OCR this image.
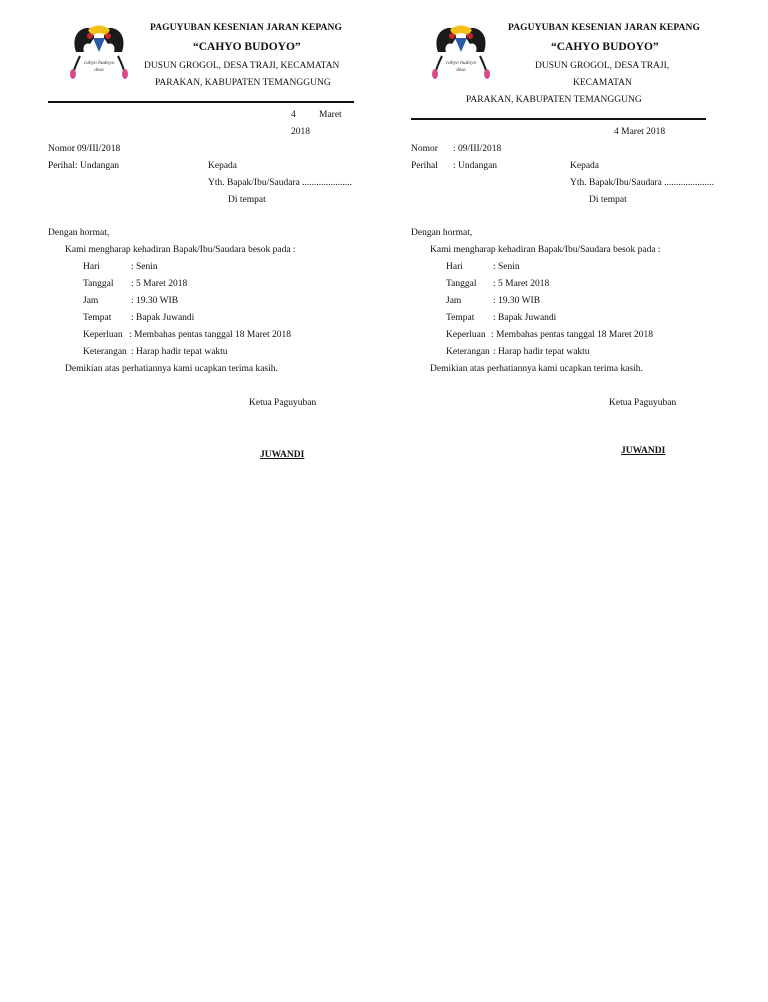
cahyo budoyo
desa
PAGUYUBAN KESENIAN JARAN KEPANG
“CAHYO BUDOYO”
DUSUN GROGOL, DESA TRAJI, KECAMATAN
PARAKAN, KABUPATEN TEMANGGUNG
4 Maret
2018
Nomor
: 09/III/2018
Perihal : Undangan	Kepada
Yth. Bapak/Ibu/Saudara .....................
Di tempat
Dengan hormat,
Kami mengharap kehadiran Bapak/Ibu/Saudara besok pada :
Hari	: Senin
Tanggal : 5 Maret 2018
Jam	: 19.30 WIB
Tempat : Bapak Juwandi
Keperluan : Membahas pentas tanggal 18 Maret 2018
Keterangan : Harap hadir tepat waktu
Demikian atas perhatiannya kami ucapkan terima kasih.
Ketua Paguyuban
JUWANDI
cahyo budoyo
desa
PAGUYUBAN KESENIAN JARAN KEPANG
“CAHYO BUDOYO”
DUSUN GROGOL, DESA TRAJI,
KECAMATAN
PARAKAN, KABUPATEN TEMANGGUNG
4 Maret 2018
Nomor : 09/III/2018
Perihal : Undangan	Kepada
Yth. Bapak/Ibu/Saudara .....................
Di tempat
Dengan hormat,
Kami mengharap kehadiran Bapak/Ibu/Saudara besok pada :
Hari	: Senin
Tanggal : 5 Maret 2018
Jam	: 19.30 WIB
Tempat : Bapak Juwandi
Keperluan : Membahas pentas tanggal 18 Maret 2018
Keterangan : Harap hadir tepat waktu
Demikian atas perhatiannya kami ucapkan terima kasih.
Ketua Paguyuban
JUWANDI
